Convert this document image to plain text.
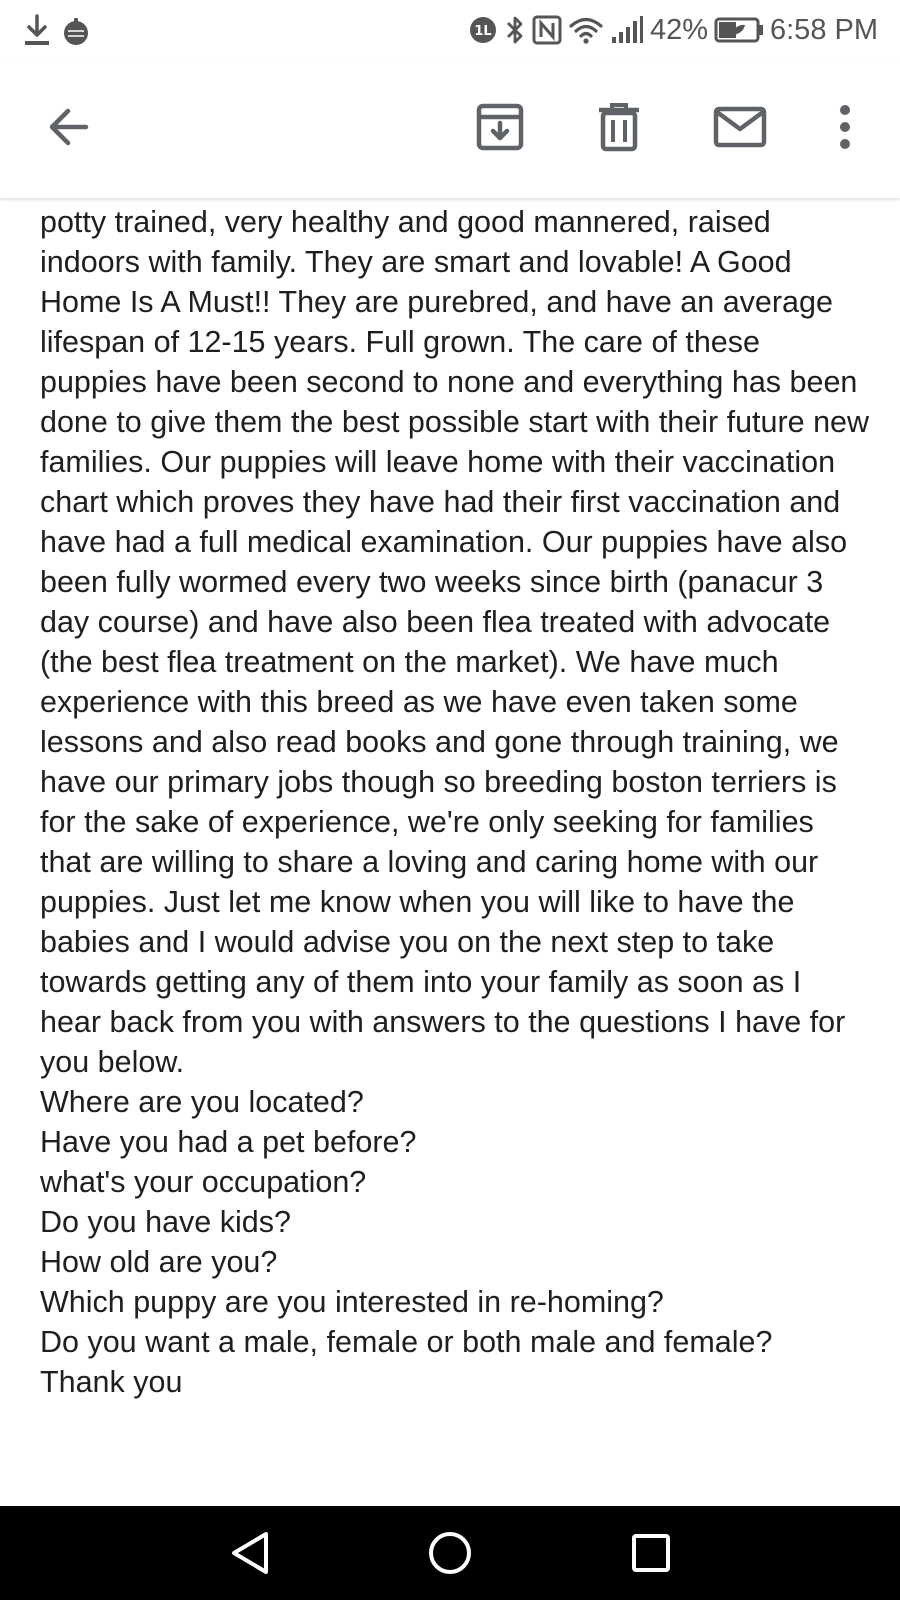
1L	42% 6:58 PM

potty trained, very healthy and good mannered, raised indoors with family. They are smart and lovable! A Good Home Is A Must!! They are purebred, and have an average lifespan of 12-15 years. Full grown. The care of these puppies have been second to none and everything has been done to give them the best possible start with their future new families. Our puppies will leave home with their vaccination chart which proves they have had their first vaccination and have had a full medical examination. Our puppies have also been fully wormed every two weeks since birth (panacur 3 day course) and have also been flea treated with advocate (the best flea treatment on the market). We have much experience with this breed as we have even taken some lessons and also read books and gone through training, we have our primary jobs though so breeding boston terriers is for the sake of experience, we're only seeking for families that are willing to share a loving and caring home with our puppies. Just let me know when you will like to have the babies and I would advise you on the next step to take towards getting any of them into your family as soon as I hear back from you with answers to the questions I have for you below.
Where are you located?
Have you had a pet before?
what's your occupation?
Do you have kids?
How old are you?
Which puppy are you interested in re-homing?
Do you want a male, female or both male and female?
Thank you
